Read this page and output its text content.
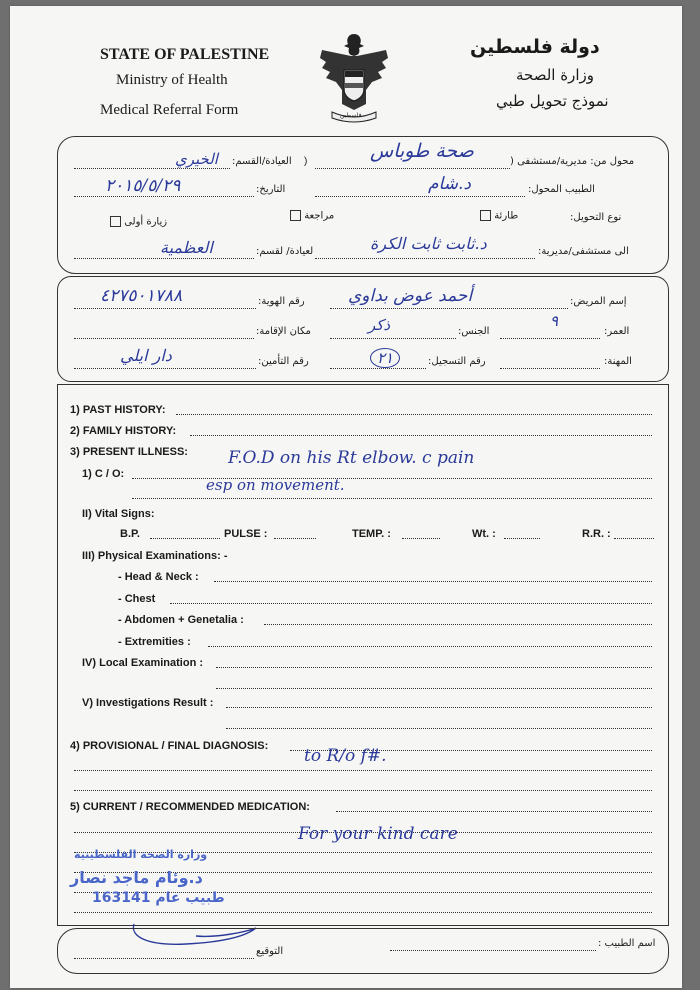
STATE OF PALESTINE
Ministry of Health
Medical Referral Form	فلسطين
دولة فلسطين
وزارة الصحة
نموذج تحويل طبي
محول من: مديرية/مستشفى (
)	صحة طوباس
العيادة/القسم:
الخيري
الطبيب المحول:
د.شام
التاريخ:
٢٠١٥/٥/٢٩
نوع التحويل:
طارئة
مراجعة
زيارة أولى
الى مستشفى/مديرية:
د.ثابت ثابت الكرة
لعيادة/ لقسم:
العظمية
إسم المريض:
أحمد عوض بداوي
رقم الهوية:
٤٢٧٥٠١٧٨٨
العمر:
٩
الجنس:
ذكر
مكان الإقامة:
المهنة:
رقم التسجيل:
٢١
رقم التأمين:
دار ايلي
1) PAST HISTORY:
2) FAMILY HISTORY:
3) PRESENT ILLNESS:
1) C / O:
F.O.D on his Rt elbow. c pain
esp on movement.
II) Vital Signs:
B.P.	PULSE :	TEMP. :	Wt. :	R.R. :
III) Physical Examinations: -
- Head & Neck :
- Chest
- Abdomen + Genetalia :
- Extremities :
IV) Local Examination :
V) Investigations Result :
4) PROVISIONAL / FINAL DIAGNOSIS: to R/o f#.
5) CURRENT / RECOMMENDED MEDICATION:
For your kind care
وزارة الصحة الفلسطينية
د.وئام ماجد نصار
طبيب عام 163141
اسم الطبيب :
التوقيع
